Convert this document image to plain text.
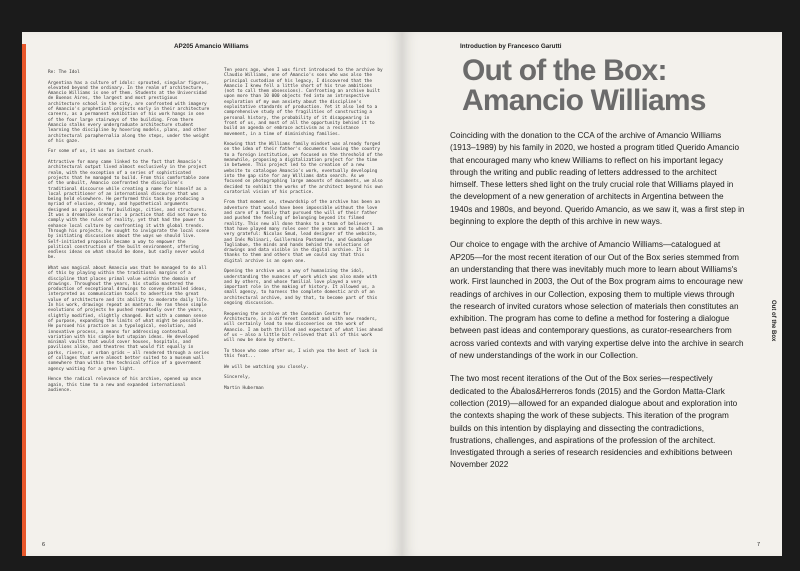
AP205 Amancio Williams

Re: The Idol

Argentina has a culture of idols: sprouted, singular figures, elevated beyond the ordinary. In the realm of architecture, Amancio Williams is one of them. Students at the Universidad de Buenos Aires, the largest and most prestigious architecture school in the city, are confronted with imagery of Amancio's prophetical projects early in their architecture careers, as a permanent exhibition of his work hangs in one of the four large stairways of the building. From there Amancio stalks every undergraduate architecture student learning the discipline by hovering models, plans, and other architectural paraphernalia along the steps, under the weight of his gaze.

For some of us, it was an instant crush.

Attractive for many came linked to the fact that Amancio's architectural output lived almost exclusively in the project realm, with the exception of a series of sophisticated projects that he managed to build. From this comfortable zone of the unbuilt, Amancio confronted the discipline's traditional discourse while creating a name for himself as a local practitioner of an international discourse that was being held elsewhere. He performed this task by producing a myriad of elusive, dreamy, and hypothetical arguments designed as proposals for buildings, cities, and structures. It was a dreamlike scenario: a practice that did not have to comply with the rules of reality, yet that had the power to enhance local culture by confronting it with global trends. Through his projects, he sought to invigorate the local scene by initiating discussions about the ways we should live. Self-initiated proposals became a way to empower the political construction of the built environment, offering endless ideas on what should be done, but sadly never would be.

What was magical about Amancio was that he managed to do all of this by playing within the traditional margins of a discipline that places primal value within the domain of drawings. Throughout the years, his studio mastered the production of exceptional drawings to convey detailed ideas, interpreted as communication tools to advertise the great value of architecture and its ability to moderate daily life. In his work, drawings repeat as mantras. He ran these simple evolutions of projects he pushed repeatedly over the years, slightly modified, slightly changed. But with a common sense of purpose, expanding the limits of what might be possible. He pursued his practice as a typological, evolution, and innovative process, a means for addressing contextual variation with his simple but utopian ideas. He developed minimal vaults that would cover houses, hospitals, and pavilions alike, and theatres that would fit equally in parks, rivers, or urban grids — all rendered through a series of collages that were almost better suited to a museum wall somewhere than within the technical office of a government agency waiting for a green light.

Hence the radical relevance of his archive, opened up once again, this time to a new and expanded international audience.

Ten years ago, when I was first introduced to the archive by Claudio Williams, one of Amancio's sons who was also the principal custodian of his legacy, I discovered that the Amancio I knew fell a little short of his true ambitions (not to call them obsessions). Confronting an archive built upon more than 10 000 objects fed into an introspective exploration of my own anxiety about the discipline's exploitative standards of production. Yet it also led to a comprehensive study of the fragilities of constructing a personal history, the probability of it disappearing in front of us, and most of all the opportunity behind it to build an agenda or embrace activism as a resistance movement, in a time of diminishing families.

Knowing that the Williams family mindset was already forged on the idea of their father's documents leaving the country to a foreign institution, we focused on the threshold of the meanwhile, proposing a digitalization project for the time in between. This project led to the creation of a new website to catalogue Amancio's work, eventually developing into the gap site for any Williams data search. As we focused on photographing large amounts of documents, we also decided to exhibit the works of the architect beyond his own curatorial vision of his practice.

From that moment on, stewardship of the archive has been an adventure that would have been impossible without the love and care of a family that pursued the will of their father and pushed the feeling of belonging beyond its filmed reality. This new all done thanks to a team of believers that have played many roles over the years and to which I am very grateful: Nicolas Smud, lead designer of the website, and Inés Molinari, Guillermina Pastomerlo, and Guadalupe Tagliabue, the minds and hands behind the selections of drawings and data visible in the digital archive. It is thanks to them and others that we could say that this digital archive is an open one.

Opening the archive was a way of humanizing the idol, understanding the nuances of work which was also made with and by others, and whose familial love played a very important role in the making of history. It allowed us, a small agency, to harness the complete domestic arch of an architectural archive, and by that, to become part of this ongoing discussion.

Reopening the archive at the Canadian Centre for Architecture, in a different context and with new readers, will certainly lead to new discoveries on the work of Amancio. I am both thrilled and expectant of what lies ahead of us — also a little bit relieved that all of this work will now be done by others.

To those who come after us, I wish you the best of luck in this feat...

We will be watching you closely.

Sincerely,

Martin Huberman

6
Introduction by Francesco Garutti
Out of the Box:
Amancio Williams

Coinciding with the donation to the CCA of the archive of Amancio Williams (1913–1989) by his family in 2020, we hosted a program titled Querido Amancio that encouraged many who knew Williams to reflect on his important legacy through the writing and public reading of letters addressed to the architect himself. These letters shed light on the truly crucial role that Williams played in the development of a new generation of architects in Argentina between the 1940s and 1980s, and beyond. Querido Amancio, as we saw it, was a first step in beginning to explore the depth of this archive in new ways.

Our choice to engage with the archive of Amancio Williams—catalogued at AP205—for the most recent iteration of our Out of the Box series stemmed from an understanding that there was inevitably much more to learn about Williams's work. First launched in 2003, the Out of the Box program aims to encourage new readings of archives in our Collection, exposing them to multiple views through the research of invited curators whose selection of materials then constitutes an exhibition. The program has come to define a method for fostering a dialogue between past ideas and contemporary questions, as curator-researchers from across varied contexts and with varying expertise delve into the archive in search of new understandings of the work in our Collection.

The two most recent iterations of the Out of the Box series—respectively dedicated to the Ábalos&Herreros fonds (2015) and the Gordon Matta-Clark collection (2019)—allowed for an expanded dialogue about and exploration into the contexts shaping the work of these subjects. This iteration of the program builds on this intention by displaying and dissecting the contradictions, frustrations, challenges, and aspirations of the profession of the architect. Investigated through a series of research residencies and exhibitions between November 2022

Out of the Box
7
